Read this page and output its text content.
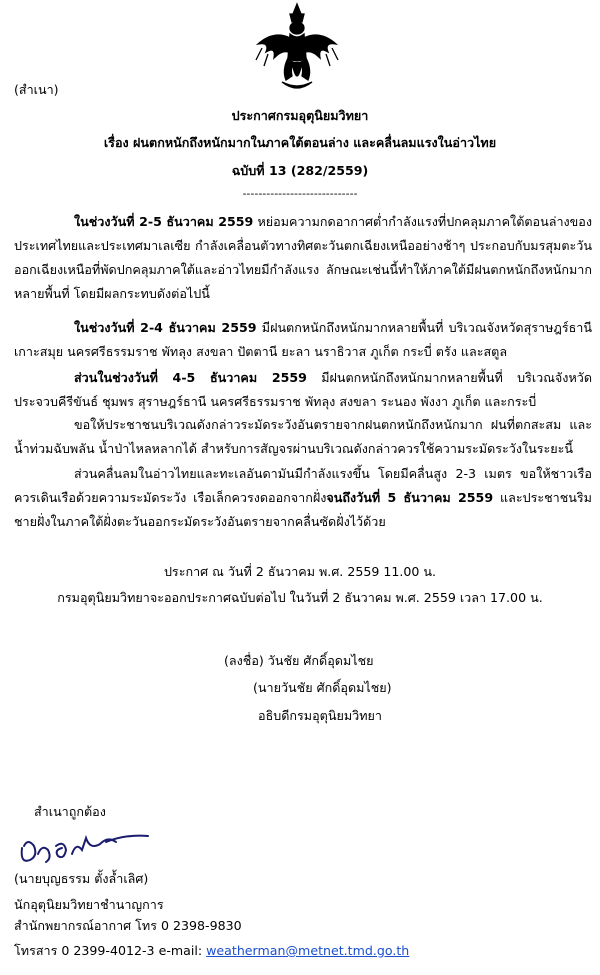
(สำเนา)
ประกาศกรมอุตุนิยมวิทยา
เรื่อง ฝนตกหนักถึงหนักมากในภาคใต้ตอนล่าง และคลื่นลมแรงในอ่าวไทย
ฉบับที่ 13 (282/2559)
-----------------------------
ในช่วงวันที่ 2-5 ธันวาคม 2559 หย่อมความกดอากาศต่ำกำลังแรงที่ปกคลุมภาคใต้ตอนล่างของประเทศไทยและประเทศมาเลเซีย กำลังเคลื่อนตัวทางทิศตะวันตกเฉียงเหนืออย่างช้าๆ ประกอบกับมรสุมตะวันออกเฉียงเหนือที่พัดปกคลุมภาคใต้และอ่าวไทยมีกำลังแรง ลักษณะเช่นนี้ทำให้ภาคใต้มีฝนตกหนักถึงหนักมากหลายพื้นที่ โดยมีผลกระทบดังต่อไปนี้
ในช่วงวันที่ 2-4 ธันวาคม 2559 มีฝนตกหนักถึงหนักมากหลายพื้นที่ บริเวณจังหวัดสุราษฎร์ธานี เกาะสมุย นครศรีธรรมราช พัทลุง สงขลา ปัตตานี ยะลา นราธิวาส ภูเก็ต กระบี่ ตรัง และสตูล
ส่วนในช่วงวันที่ 4-5 ธันวาคม 2559 มีฝนตกหนักถึงหนักมากหลายพื้นที่ บริเวณจังหวัดประจวบคีรีขันธ์ ชุมพร สุราษฎร์ธานี นครศรีธรรมราช พัทลุง สงขลา ระนอง พังงา ภูเก็ต และกระบี่
ขอให้ประชาชนบริเวณดังกล่าวระมัดระวังอันตรายจากฝนตกหนักถึงหนักมาก ฝนที่ตกสะสม และน้ำท่วมฉับพลัน น้ำป่าไหลหลากได้ สำหรับการสัญจรผ่านบริเวณดังกล่าวควรใช้ความระมัดระวังในระยะนี้
ส่วนคลื่นลมในอ่าวไทยและทะเลอันดามันมีกำลังแรงขึ้น โดยมีคลื่นสูง 2-3 เมตร ขอให้ชาวเรือควรเดินเรือด้วยความระมัดระวัง เรือเล็กควรงดออกจากฝั่งจนถึงวันที่ 5 ธันวาคม 2559 และประชาชนริมชายฝั่งในภาคใต้ฝั่งตะวันออกระมัดระวังอันตรายจากคลื่นซัดฝั่งไว้ด้วย
ประกาศ ณ วันที่ 2 ธันวาคม พ.ศ. 2559 11.00 น.
กรมอุตุนิยมวิทยาจะออกประกาศฉบับต่อไป ในวันที่ 2 ธันวาคม พ.ศ. 2559 เวลา 17.00 น.
(ลงชื่อ) วันชัย ศักดิ์อุดมไชย
(นายวันชัย ศักดิ์อุดมไชย)
อธิบดีกรมอุตุนิยมวิทยา
สำเนาถูกต้อง
(นายบุญธรรม ตั้งล้ำเลิศ)
นักอุตุนิยมวิทยาชำนาญการ
สำนักพยากรณ์อากาศ โทร 0 2398-9830
โทรสาร 0 2399-4012-3 e-mail: weatherman@metnet.tmd.go.th
